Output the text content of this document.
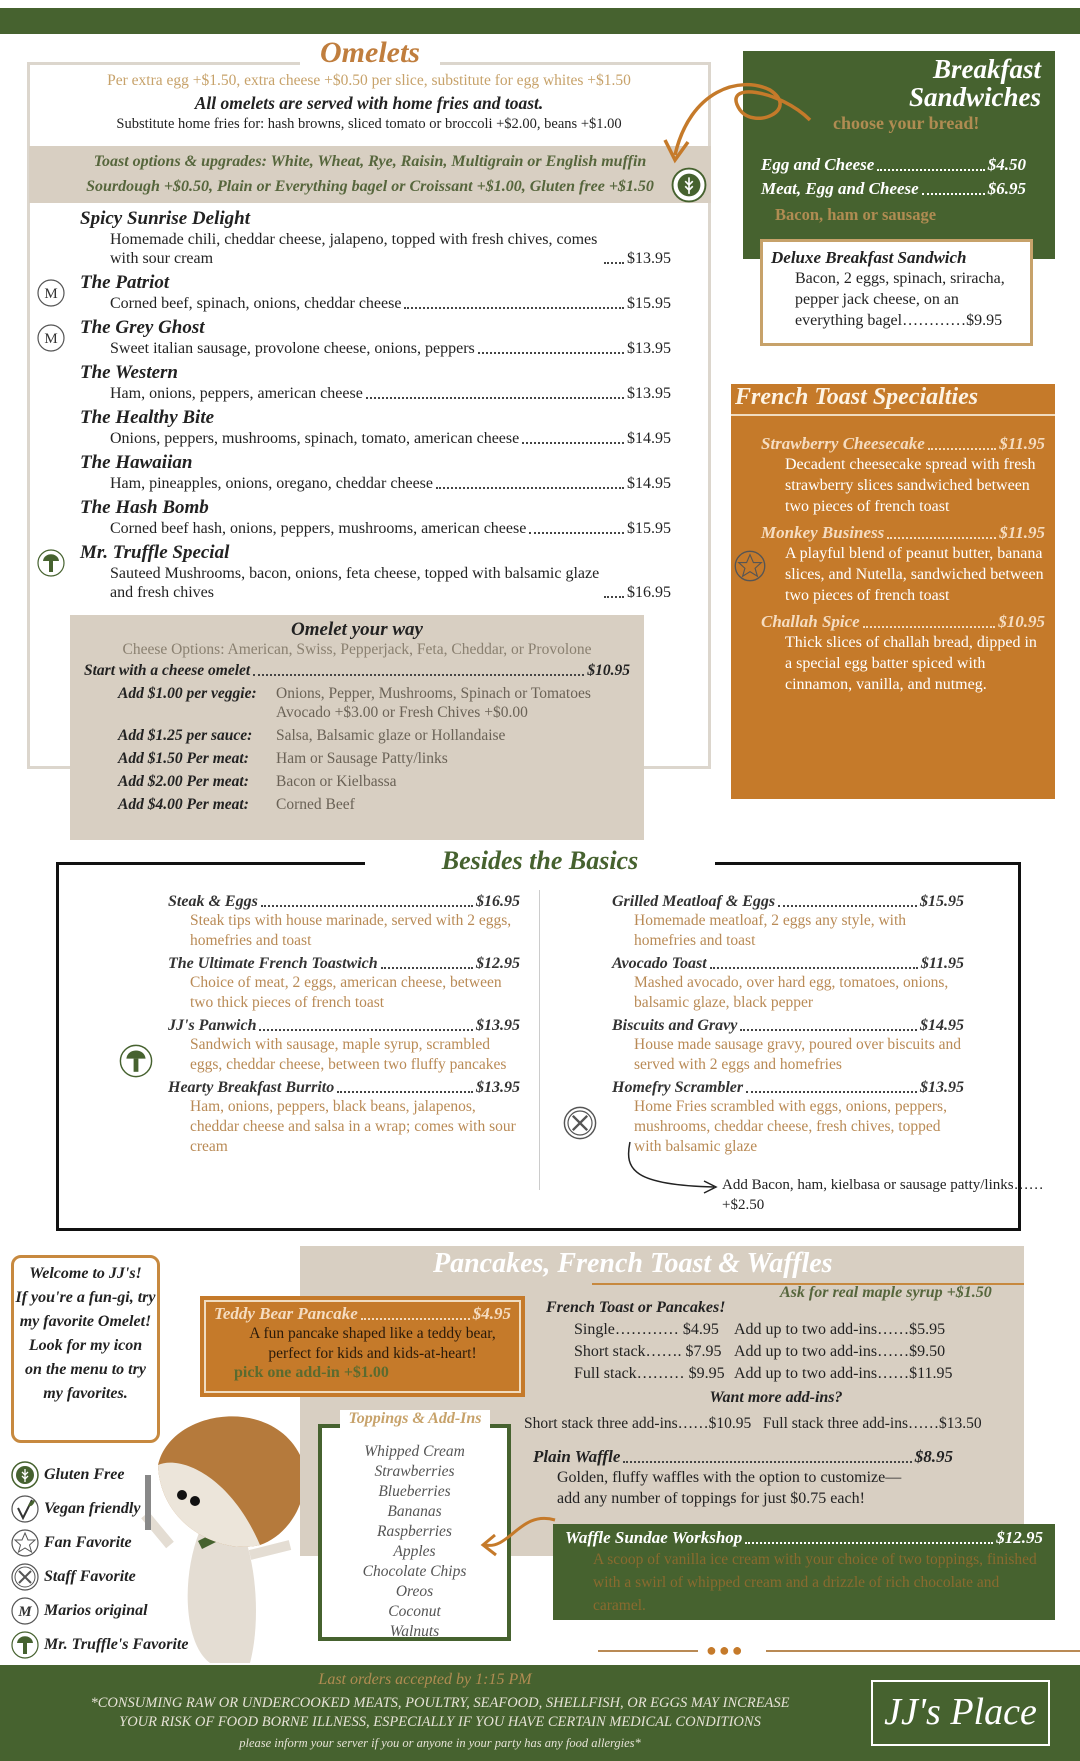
Omelets
Per extra egg +$1.50, extra cheese +$0.50 per slice, substitute for egg whites +$1.50
All omelets are served with home fries and toast.
Substitute home fries for: hash browns, sliced tomato or broccoli +$2.00, beans +$1.00
Toast options & upgrades: White, Wheat, Rye, Raisin, Multigrain or English muffin
Sourdough +$0.50, Plain or Everything bagel or Croissant +$1.00, Gluten free +$1.50
Spicy Sunrise Delight
Homemade chili, cheddar cheese, jalapeno, topped with fresh chives, comes with sour cream	$13.95
M
The Patriot
Corned beef, spinach, onions, cheddar cheese	$15.95
M
The Grey Ghost
Sweet italian sausage, provolone cheese, onions, peppers	$13.95
The Western
Ham, onions, peppers, american cheese	$13.95
The Healthy Bite
Onions, peppers, mushrooms, spinach, tomato, american cheese	$14.95
The Hawaiian
Ham, pineapples, onions, oregano, cheddar cheese	$14.95
The Hash Bomb
Corned beef hash, onions, peppers, mushrooms, american cheese	$15.95
Mr. Truffle Special
Sauteed Mushrooms, bacon, onions, feta cheese, topped with balsamic glaze and fresh chives	$16.95
Omelet your way
Cheese Options: American, Swiss, Pepperjack, Feta, Cheddar, or Provolone
Start with a cheese omelet	$10.95
Add $1.00 per veggie:	Onions, Pepper, Mushrooms, Spinach or Tomatoes
Avocado +$3.00 or Fresh Chives +$0.00
Add $1.25 per sauce:	Salsa, Balsamic glaze or Hollandaise
Add $1.50 Per meat:	Ham or Sausage Patty/links
Add $2.00 Per meat:	Bacon or Kielbassa
Add $4.00 Per meat:	Corned Beef
Breakfast
Sandwiches
choose your bread!
Egg and Cheese	$4.50
Meat, Egg and Cheese	$6.95
Bacon, ham or sausage
Deluxe Breakfast Sandwich
Bacon, 2 eggs, spinach, sriracha, pepper jack cheese, on an everything bagel…………$9.95
French Toast Specialties
Strawberry Cheesecake	$11.95
Decadent cheesecake spread with fresh strawberry slices sandwiched between two pieces of french toast
Monkey Business	$11.95
A playful blend of peanut butter, banana slices, and Nutella, sandwiched between two pieces of french toast
Challah Spice	$10.95
Thick slices of challah bread, dipped in a special egg batter spiced with cinnamon, vanilla, and nutmeg.
Besides the Basics
Steak & Eggs	$16.95
Steak tips with house marinade, served with 2 eggs, homefries and toast
The Ultimate French Toastwich	$12.95
Choice of meat, 2 eggs, american cheese, between two thick pieces of french toast
JJ's Panwich	$13.95
Sandwich with sausage, maple syrup, scrambled eggs, cheddar cheese, between two fluffy pancakes
Hearty Breakfast Burrito	$13.95
Ham, onions, peppers, black beans, jalapenos, cheddar cheese and salsa in a wrap; comes with sour cream
Grilled Meatloaf & Eggs	$15.95
Homemade meatloaf, 2 eggs any style, with homefries and toast
Avocado Toast	$11.95
Mashed avocado, over hard egg, tomatoes, onions, balsamic glaze, black pepper
Biscuits and Gravy	$14.95
House made sausage gravy, poured over biscuits and served with 2 eggs and homefries
Homefry Scrambler	$13.95
Home Fries scrambled with eggs, onions, peppers, mushrooms, cheddar cheese, fresh chives, topped with balsamic glaze
Add Bacon, ham, kielbasa or sausage patty/links…… +$2.50
Welcome to JJ's!
If you're a fun-gi, try my favorite Omelet! Look for my icon
on the menu to try my favorites.
Gluten Free
Vegan friendly
Fan Favorite
Staff Favorite
M Marios original
Mr. Truffle's Favorite
Pancakes, French Toast & Waffles
Ask for real maple syrup +$1.50
Teddy Bear Pancake	$4.95
A fun pancake shaped like a teddy bear, perfect for kids and kids-at-heart!
pick one add-in +$1.00
Whipped Cream
Strawberries
Blueberries
Bananas
Raspberries
Apples
Chocolate Chips
Oreos
Coconut
Walnuts
Toppings & Add-Ins
French Toast or Pancakes!
Single………… $4.95 Add up to two add-ins……$5.95
Short stack……. $7.95 Add up to two add-ins……$9.50
Full stack……… $9.95 Add up to two add-ins……$11.95
Want more add-ins?
Short stack three add-ins……$10.95   Full stack three add-ins……$13.50
Plain Waffle	$8.95
Golden, fluffy waffles with the option to customize— add any number of toppings for just $0.75 each!
Waffle Sundae Workshop	$12.95
A scoop of vanilla ice cream with your choice of two toppings, finished with a swirl of whipped cream and a drizzle of rich chocolate and caramel.
●●●
Last orders accepted by 1:15 PM
*CONSUMING RAW OR UNDERCOOKED MEATS, POULTRY, SEAFOOD, SHELLFISH, OR EGGS MAY INCREASE
YOUR RISK OF FOOD BORNE ILLNESS, ESPECIALLY IF YOU HAVE CERTAIN MEDICAL CONDITIONS
please inform your server if you or anyone in your party has any food allergies*
JJ's Place
